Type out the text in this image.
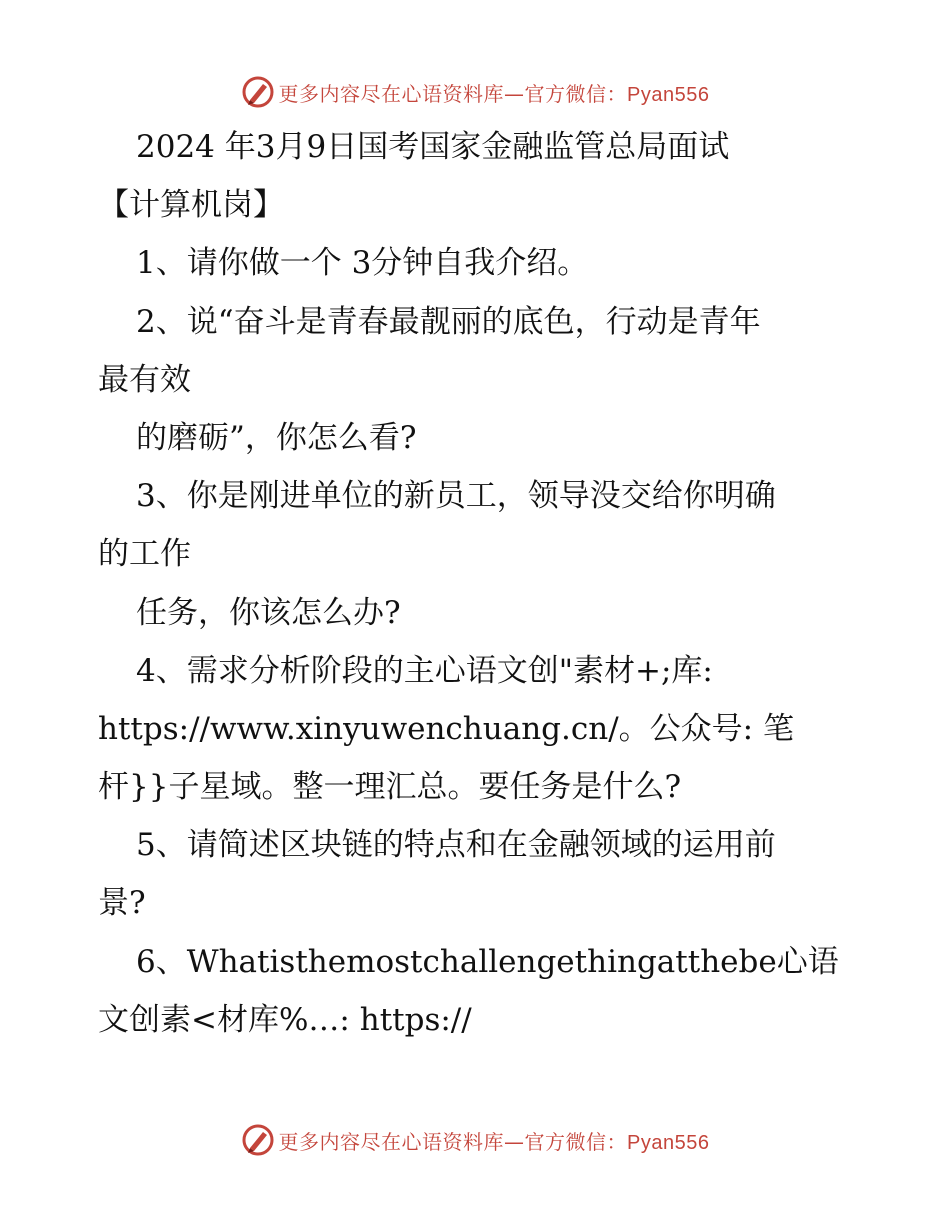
更多内容尽在心语资料库—官方微信：Pyan556
2024 年3月9日国考国家金融监管总局面试
【计算机岗】
1、请你做一个 3分钟自我介绍。
2、说“奋斗是青春最靓丽的底色，行动是青年
最有效
的磨砺”，你怎么看?
3、你是刚进单位的新员工，领导没交给你明确
的工作
任务，你该怎么办?
4、需求分析阶段的主心语文创"素材+;库:
https://www.xinyuwenchuang.cn/。公众号: 笔
杆}}子星域。整一理汇总。要任务是什么?
5、请简述区块链的特点和在金融领域的运用前
景?
6、Whatisthemostchallengethingatthebe心语
文创素<材库%…: https://
更多内容尽在心语资料库—官方微信：Pyan556
